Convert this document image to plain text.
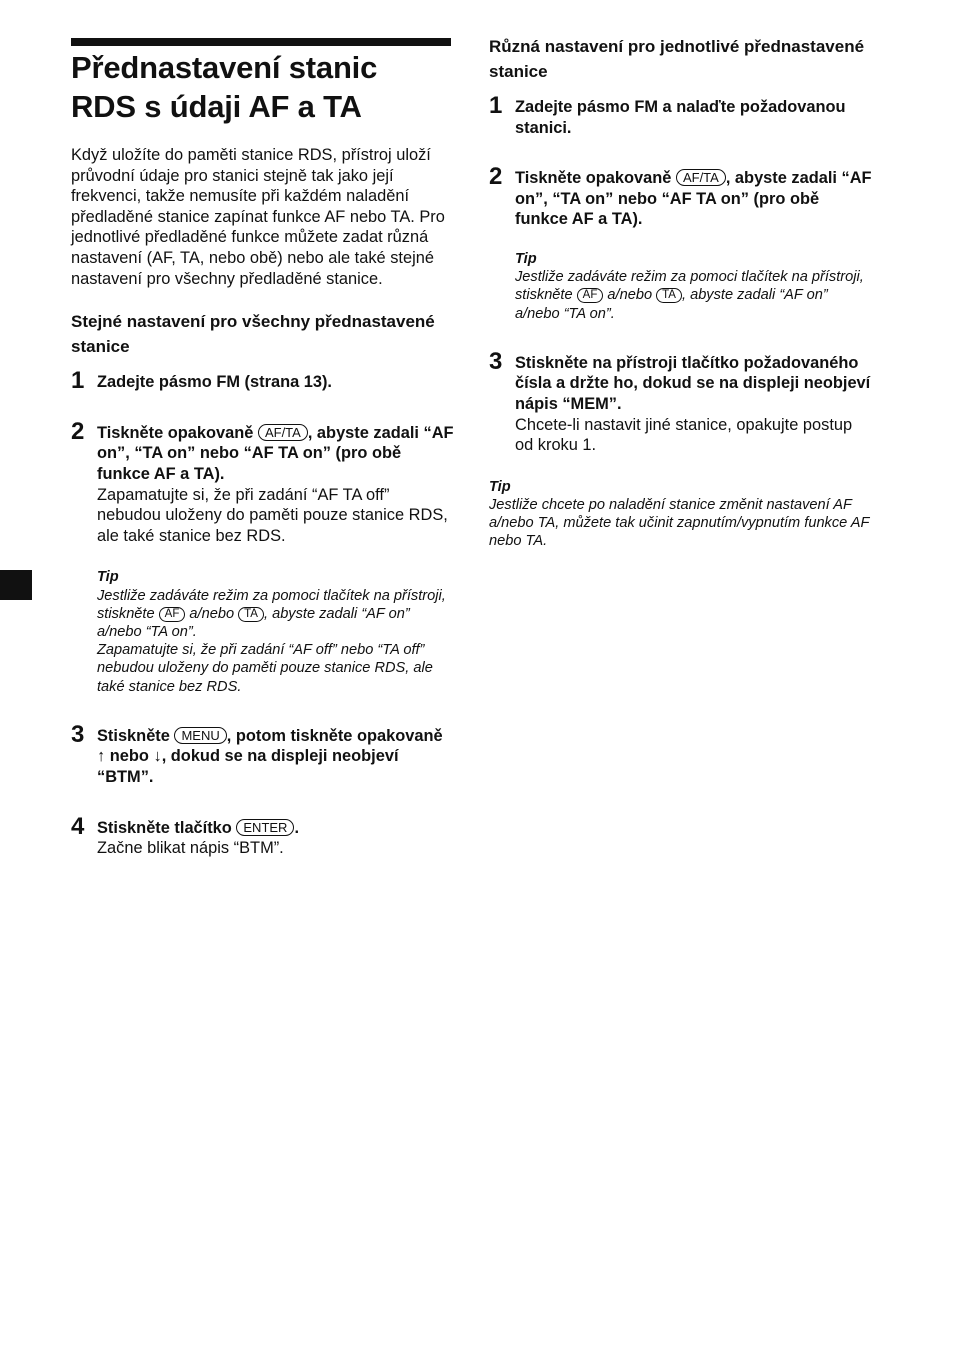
Přednastavení stanic
RDS s údaji AF a TA

Když uložíte do paměti stanice RDS, přístroj uloží průvodní údaje pro stanici stejně tak jako její frekvenci, takže nemusíte při každém naladění předladěné stanice zapínat funkce AF nebo TA. Pro jednotlivé předladěné funkce můžete zadat různá nastavení (AF, TA, nebo obě) nebo ale také stejné nastavení pro všechny předladěné stanice.

Stejné nastavení pro všechny přednastavené stanice
1 Zadejte pásmo FM (strana 13).
2 Tiskněte opakovaně AF/TA , abyste zadali “AF on”, “TA on” nebo “AF TA on” (pro obě funkce AF a TA).
Zapamatujte si, že při zadání “AF TA off” nebudou uloženy do paměti pouze stanice RDS, ale také stanice bez RDS.
Tip
Jestliže zadáváte režim za pomoci tlačítek na přístroji, stiskněte AF a/nebo TA , abyste zadali “AF on” a/nebo “TA on”.
Zapamatujte si, že při zadání “AF off” nebo “TA off” nebudou uloženy do paměti pouze stanice RDS, ale také stanice bez RDS.
3 Stiskněte MENU , potom tiskněte opakovaně ↑ nebo ↓, dokud se na displeji neobjeví “BTM”.
4 Stiskněte tlačítko ENTER .
Začne blikat nápis “BTM”.
Různá nastavení pro jednotlivé přednastavené stanice
1 Zadejte pásmo FM a nalaďte požadovanou stanici.
2 Tiskněte opakovaně AF/TA , abyste zadali “AF on”, “TA on” nebo “AF TA on” (pro obě funkce AF a TA).
Tip
Jestliže zadáváte režim za pomoci tlačítek na přístroji, stiskněte AF a/nebo TA , abyste zadali “AF on” a/nebo “TA on”.
3 Stiskněte na přístroji tlačítko požadovaného čísla a držte ho, dokud se na displeji neobjeví nápis “MEM”.
Chcete-li nastavit jiné stanice, opakujte postup od kroku 1.
Tip
Jestliže chcete po naladění stanice změnit nastavení AF a/nebo TA, můžete tak učinit zapnutím/vypnutím funkce AF nebo TA.
